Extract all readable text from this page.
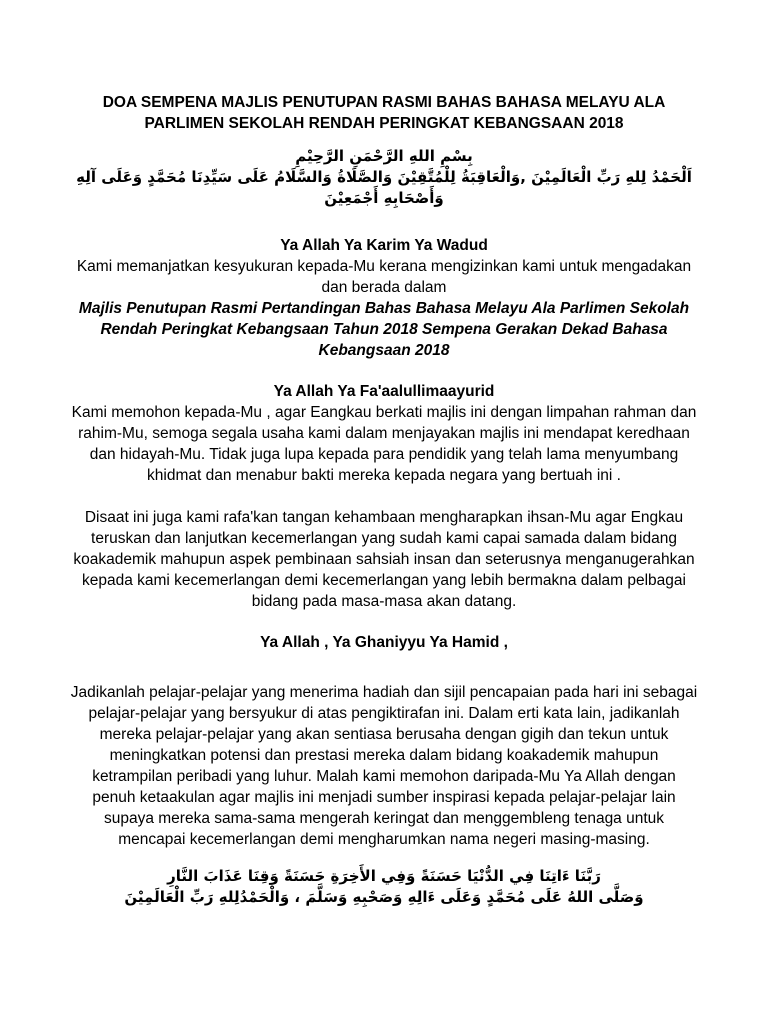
DOA SEMPENA MAJLIS PENUTUPAN RASMI BAHAS BAHASA MELAYU ALA PARLIMEN SEKOLAH RENDAH PERINGKAT KEBANGSAAN 2018

بِسْمِ اللهِ الرَّحْمَنِ الرَّحِيْمِ

اَلْحَمْدُ لِلهِ رَبِّ الْعَالَمِيْنَ ,وَالْعَاقِبَةُ لِلْمُتَّقِيْنَ وَالصَّلَاةُ وَالسَّلَامُ عَلَى سَيِّدِنَا مُحَمَّدٍ وَعَلَى آلِهِ وَأَصْحَابِهِ أَجْمَعِيْنَ

Ya Allah Ya Karim Ya Wadud

Kami memanjatkan kesyukuran kepada-Mu kerana mengizinkan kami untuk mengadakan dan berada dalam

Majlis Penutupan Rasmi Pertandingan Bahas Bahasa Melayu Ala Parlimen Sekolah Rendah Peringkat Kebangsaan Tahun 2018 Sempena Gerakan Dekad Bahasa Kebangsaan 2018

Ya Allah Ya Fa'aalullimaayurid

Kami memohon kepada-Mu , agar Eangkau berkati majlis ini dengan limpahan rahman dan rahim-Mu, semoga segala usaha kami dalam menjayakan majlis ini mendapat keredhaan dan hidayah-Mu. Tidak juga lupa kepada para pendidik yang telah lama menyumbang khidmat dan menabur bakti mereka kepada negara yang bertuah ini .

Disaat ini juga kami rafa'kan tangan kehambaan mengharapkan ihsan-Mu agar Engkau teruskan dan lanjutkan kecemerlangan yang sudah kami capai samada dalam bidang koakademik mahupun aspek pembinaan sahsiah insan dan seterusnya menganugerahkan kepada kami kecemerlangan demi kecemerlangan yang lebih bermakna dalam pelbagai bidang pada masa-masa akan datang.

Ya Allah , Ya Ghaniyyu Ya Hamid ,

Jadikanlah pelajar-pelajar yang menerima hadiah dan sijil pencapaian pada hari ini sebagai pelajar-pelajar yang bersyukur di atas pengiktirafan ini. Dalam erti kata lain, jadikanlah mereka pelajar-pelajar yang akan sentiasa berusaha dengan gigih dan tekun untuk meningkatkan potensi dan prestasi mereka dalam bidang koakademik mahupun ketrampilan peribadi yang luhur. Malah kami memohon daripada-Mu Ya Allah dengan penuh ketaakulan agar majlis ini menjadi sumber inspirasi kepada pelajar-pelajar lain supaya mereka sama-sama mengerah keringat dan menggembleng tenaga untuk mencapai kecemerlangan demi mengharumkan nama negeri masing-masing.

رَبَّنَا ءَاتِنَا فِي الدُّنْيَا حَسَنَةً وَفِي الأَخِرَةِ حَسَنَةً وَقِنَا عَذَابَ النَّارِ

وَصَلَّى اللهُ عَلَى مُحَمَّدٍ وَعَلَى ءَالِهِ وَصَحْبِهِ وَسَلَّمَ ، وَالْحَمْدُلِلهِ رَبِّ الْعَالَمِيْنَ
